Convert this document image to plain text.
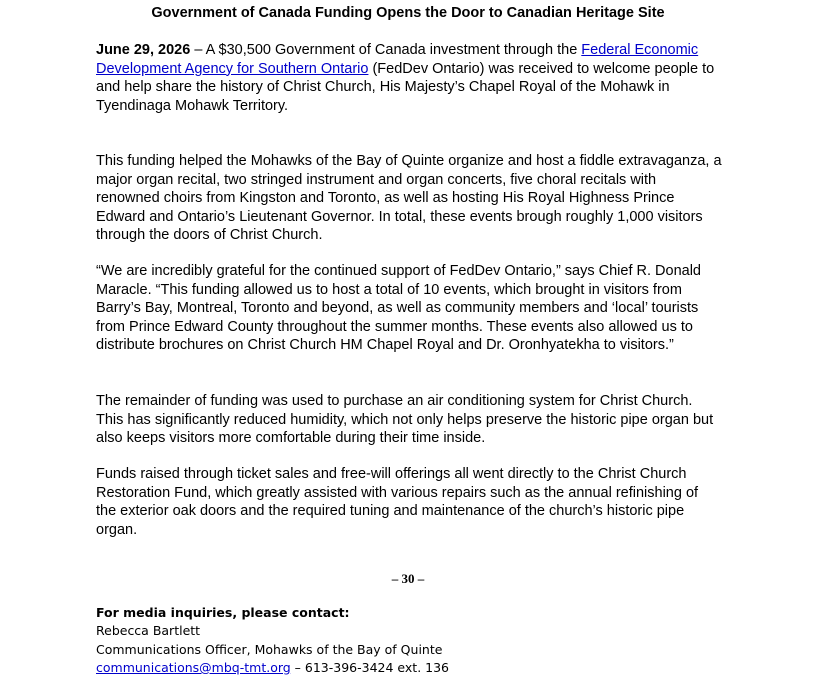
Government of Canada Funding Opens the Door to Canadian Heritage Site

June 29, 2026 – A $30,500 Government of Canada investment through the Federal Economic Development Agency for Southern Ontario (FedDev Ontario) was received to welcome people to and help share the history of Christ Church, His Majesty’s Chapel Royal of the Mohawk in Tyendinaga Mohawk Territory.

This funding helped the Mohawks of the Bay of Quinte organize and host a fiddle extravaganza, a major organ recital, two stringed instrument and organ concerts, five choral recitals with renowned choirs from Kingston and Toronto, as well as hosting His Royal Highness Prince Edward and Ontario’s Lieutenant Governor. In total, these events brough roughly 1,000 visitors through the doors of Christ Church.

“We are incredibly grateful for the continued support of FedDev Ontario,” says Chief R. Donald Maracle. “This funding allowed us to host a total of 10 events, which brought in visitors from Barry’s Bay, Montreal, Toronto and beyond, as well as community members and ‘local’ tourists from Prince Edward County throughout the summer months. These events also allowed us to distribute brochures on Christ Church HM Chapel Royal and Dr. Oronhyatekha to visitors.”

The remainder of funding was used to purchase an air conditioning system for Christ Church. This has significantly reduced humidity, which not only helps preserve the historic pipe organ but also keeps visitors more comfortable during their time inside.

Funds raised through ticket sales and free-will offerings all went directly to the Christ Church Restoration Fund, which greatly assisted with various repairs such as the annual refinishing of the exterior oak doors and the required tuning and maintenance of the church’s historic pipe organ.

– 30 –

For media inquiries, please contact:
Rebecca Bartlett
Communications Officer, Mohawks of the Bay of Quinte
communications@mbq-tmt.org – 613-396-3424 ext. 136
